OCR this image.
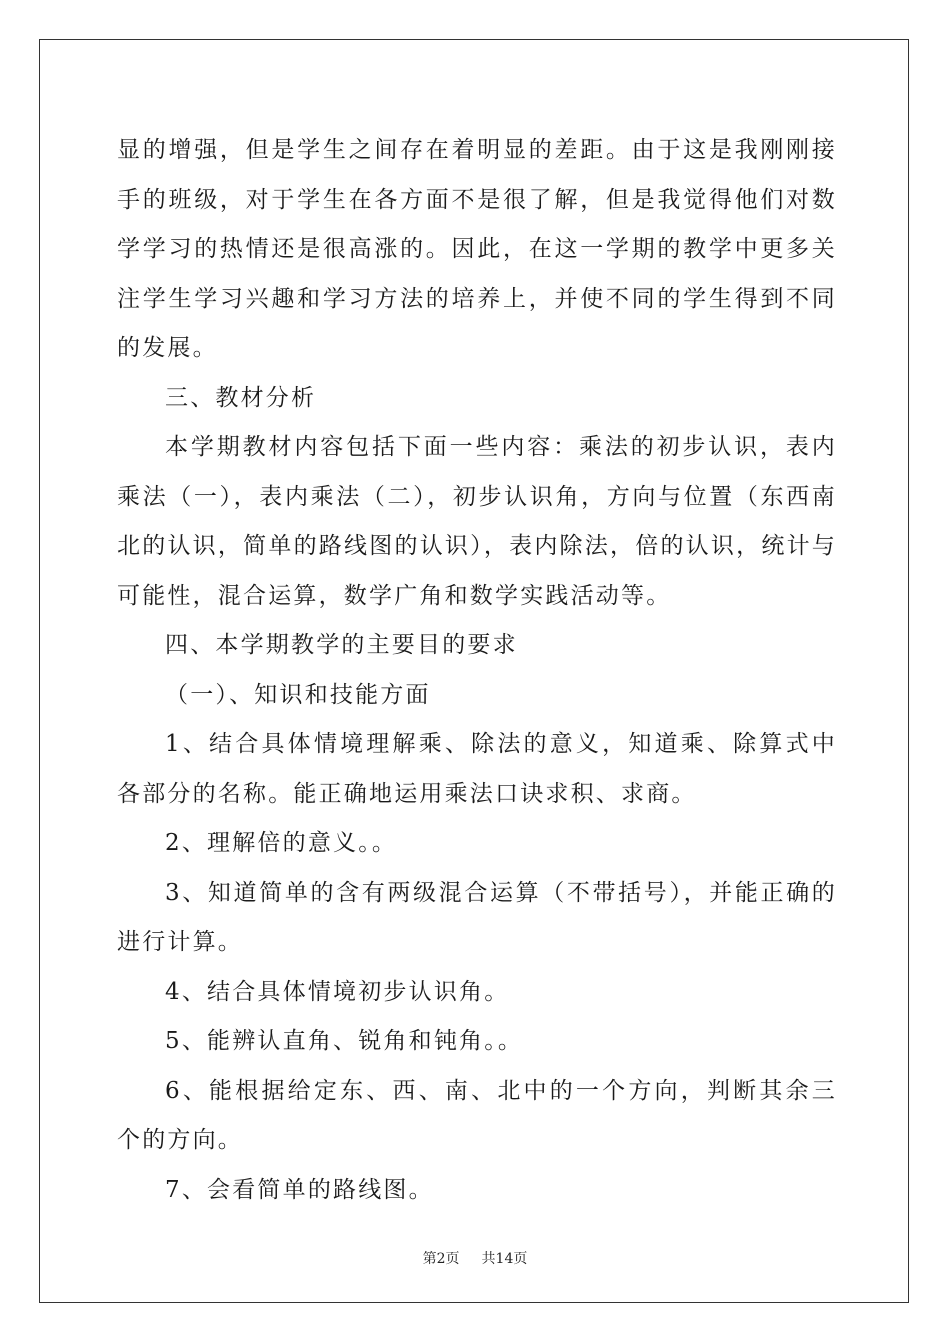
显的增强，但是学生之间存在着明显的差距。由于这是我刚刚接手的班级，对于学生在各方面不是很了解，但是我觉得他们对数学学习的热情还是很高涨的。因此，在这一学期的教学中更多关注学生学习兴趣和学习方法的培养上，并使不同的学生得到不同的发展。

三、教材分析

本学期教材内容包括下面一些内容：乘法的初步认识，表内乘法（一），表内乘法（二），初步认识角，方向与位置（东西南北的认识，简单的路线图的认识），表内除法，倍的认识，统计与可能性，混合运算，数学广角和数学实践活动等。

四、本学期教学的主要目的要求

（一）、知识和技能方面

1、结合具体情境理解乘、除法的意义，知道乘、除算式中各部分的名称。能正确地运用乘法口诀求积、求商。

2、理解倍的意义。。

3、知道简单的含有两级混合运算（不带括号），并能正确的进行计算。

4、结合具体情境初步认识角。

5、能辨认直角、锐角和钝角。。

6、能根据给定东、西、南、北中的一个方向，判断其余三个的方向。

7、会看简单的路线图。

第2页 共14页
